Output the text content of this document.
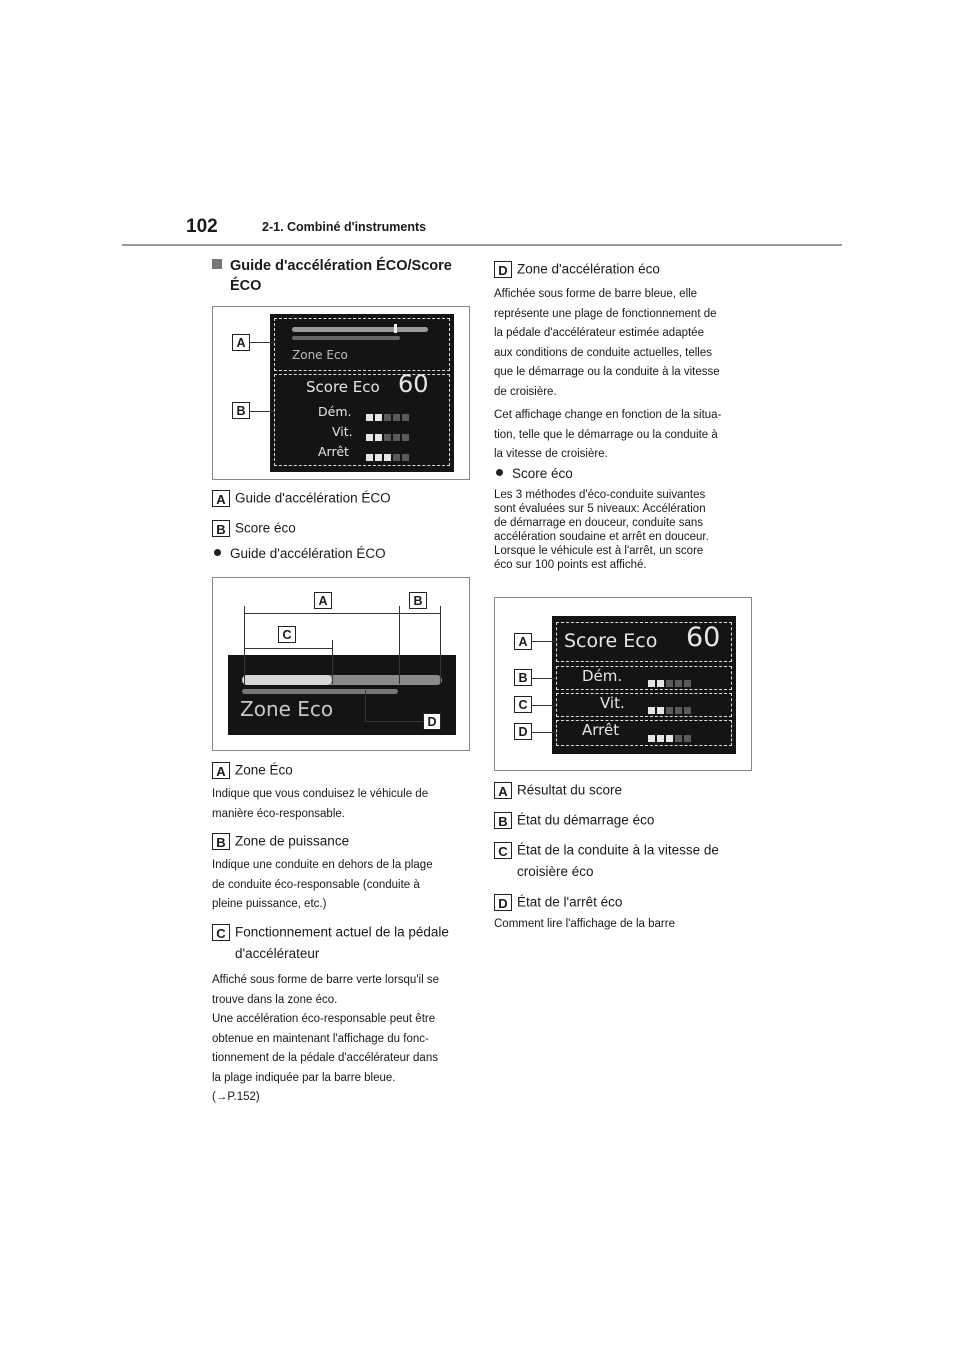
102	2-1. Combiné d'instruments
Guide d'accélération ÉCO/Score
ÉCO
Zone Eco
Score Eco 60
Dém.
Vit.
Arrêt
A
B
A Guide d'accélération ÉCO
B Score éco
Guide d'accélération ÉCO
Zone Eco
A	B
C
D
A Zone Éco
Indique que vous conduisez le véhicule de
manière éco-responsable.
B Zone de puissance
Indique une conduite en dehors de la plage
de conduite éco-responsable (conduite à
pleine puissance, etc.)
C Fonctionnement actuel de la pédale
d'accélérateur
Affiché sous forme de barre verte lorsqu'il se
trouve dans la zone éco.
Une accélération éco-responsable peut être
obtenue en maintenant l'affichage du fonc-
tionnement de la pédale d'accélérateur dans
la plage indiquée par la barre bleue.
(→P.152)
D Zone d'accélération éco
Affichée sous forme de barre bleue, elle
représente une plage de fonctionnement de
la pédale d'accélérateur estimée adaptée
aux conditions de conduite actuelles, telles
que le démarrage ou la conduite à la vitesse
de croisière.
Cet affichage change en fonction de la situa-
tion, telle que le démarrage ou la conduite à
la vitesse de croisière.
Score éco
Les 3 méthodes d'éco-conduite suivantes
sont évaluées sur 5 niveaux: Accélération
de démarrage en douceur, conduite sans
accélération soudaine et arrêt en douceur.
Lorsque le véhicule est à l'arrêt, un score
éco sur 100 points est affiché.
Score Eco 60
Dém.
Vit.
Arrêt
A
B
C
D
A Résultat du score
B État du démarrage éco
C État de la conduite à la vitesse de
croisière éco
D État de l'arrêt éco
Comment lire l'affichage de la barre
